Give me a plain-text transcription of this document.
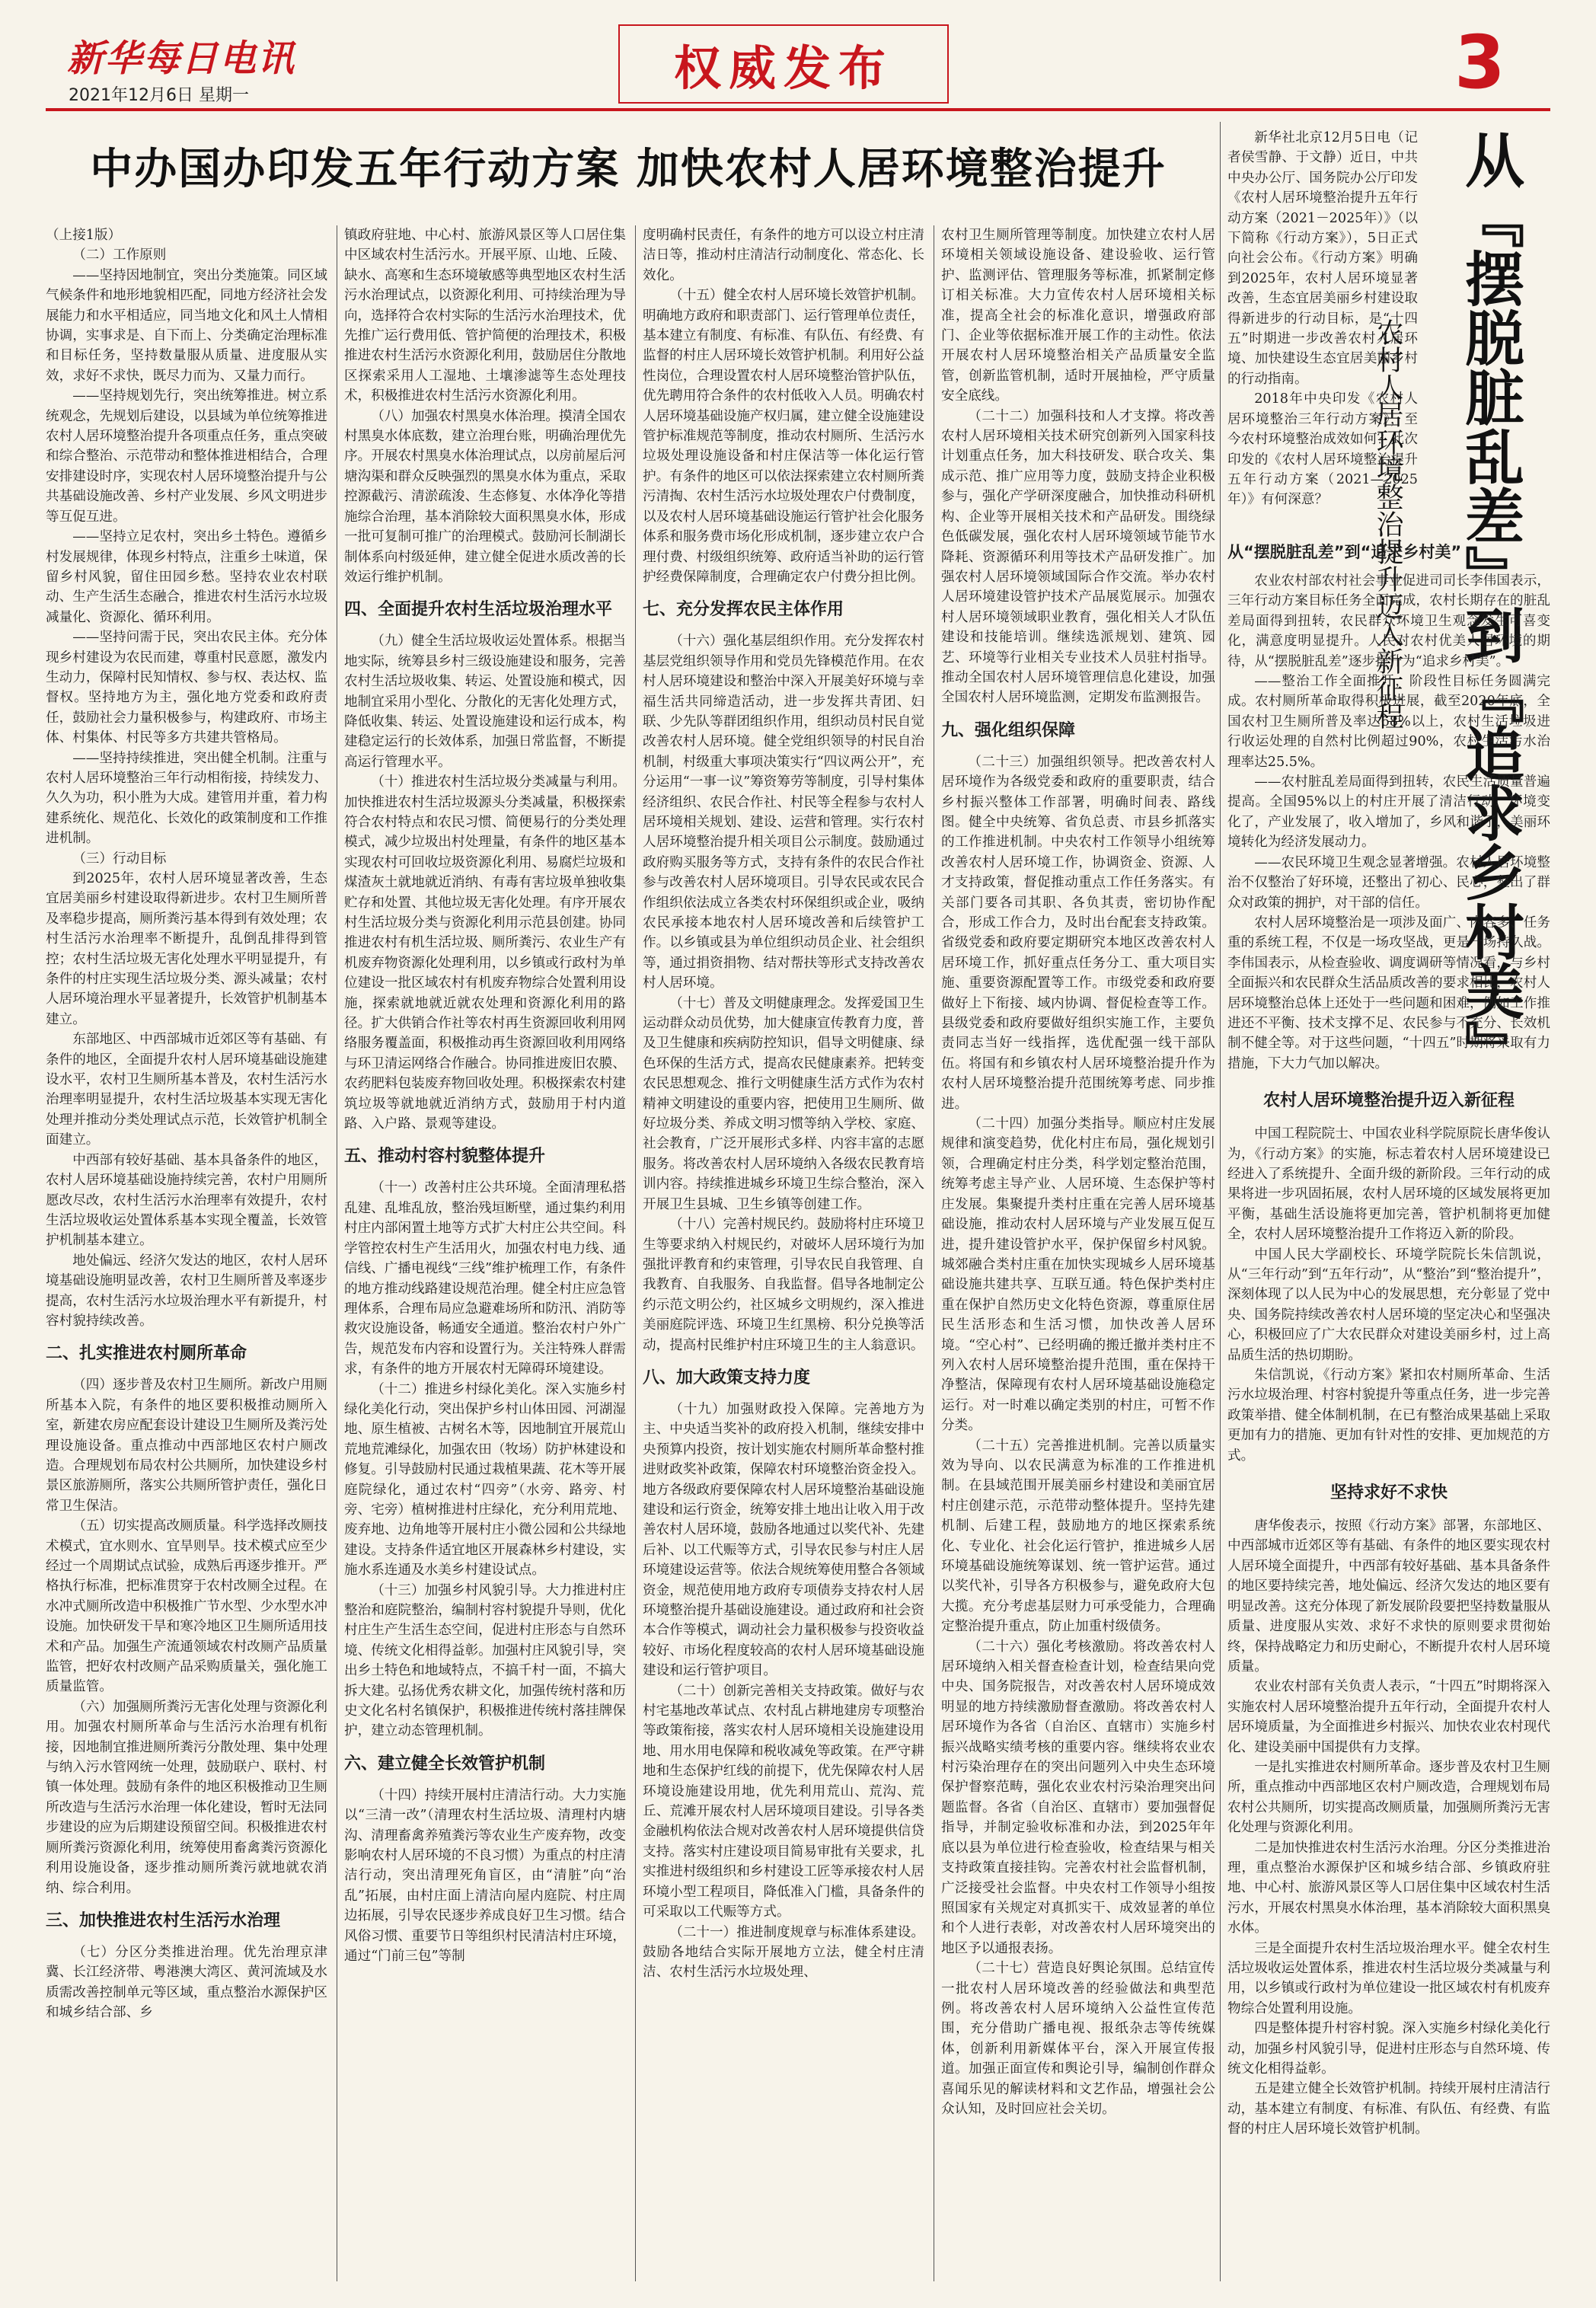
新华每日电讯
2021年12月6日 星期一	权威发布	3
中办国办印发五年行动方案 加快农村人居环境整治提升

（上接1版）

（二）工作原则

——坚持因地制宜，突出分类施策。同区域气候条件和地形地貌相匹配，同地方经济社会发展能力和水平相适应，同当地文化和风土人情相协调，实事求是、自下而上、分类确定治理标准和目标任务，坚持数量服从质量、进度服从实效，求好不求快，既尽力而为、又量力而行。

——坚持规划先行，突出统筹推进。树立系统观念，先规划后建设，以县域为单位统筹推进农村人居环境整治提升各项重点任务，重点突破和综合整治、示范带动和整体推进相结合，合理安排建设时序，实现农村人居环境整治提升与公共基础设施改善、乡村产业发展、乡风文明进步等互促互进。

——坚持立足农村，突出乡土特色。遵循乡村发展规律，体现乡村特点，注重乡土味道，保留乡村风貌，留住田园乡愁。坚持农业农村联动、生产生活生态融合，推进农村生活污水垃圾减量化、资源化、循环利用。

——坚持问需于民，突出农民主体。充分体现乡村建设为农民而建，尊重村民意愿，激发内生动力，保障村民知情权、参与权、表达权、监督权。坚持地方为主，强化地方党委和政府责任，鼓励社会力量积极参与，构建政府、市场主体、村集体、村民等多方共建共管格局。

——坚持持续推进，突出健全机制。注重与农村人居环境整治三年行动相衔接，持续发力、久久为功，积小胜为大成。建管用并重，着力构建系统化、规范化、长效化的政策制度和工作推进机制。

（三）行动目标

到2025年，农村人居环境显著改善，生态宜居美丽乡村建设取得新进步。农村卫生厕所普及率稳步提高，厕所粪污基本得到有效处理；农村生活污水治理率不断提升，乱倒乱排得到管控；农村生活垃圾无害化处理水平明显提升，有条件的村庄实现生活垃圾分类、源头减量；农村人居环境治理水平显著提升，长效管护机制基本建立。

东部地区、中西部城市近郊区等有基础、有条件的地区，全面提升农村人居环境基础设施建设水平，农村卫生厕所基本普及，农村生活污水治理率明显提升，农村生活垃圾基本实现无害化处理并推动分类处理试点示范，长效管护机制全面建立。

中西部有较好基础、基本具备条件的地区，农村人居环境基础设施持续完善，农村户用厕所愿改尽改，农村生活污水治理率有效提升，农村生活垃圾收运处置体系基本实现全覆盖，长效管护机制基本建立。

地处偏远、经济欠发达的地区，农村人居环境基础设施明显改善，农村卫生厕所普及率逐步提高，农村生活污水垃圾治理水平有新提升，村容村貌持续改善。

二、扎实推进农村厕所革命

（四）逐步普及农村卫生厕所。新改户用厕所基本入院，有条件的地区要积极推动厕所入室，新建农房应配套设计建设卫生厕所及粪污处理设施设备。重点推动中西部地区农村户厕改造。合理规划布局农村公共厕所，加快建设乡村景区旅游厕所，落实公共厕所管护责任，强化日常卫生保洁。

（五）切实提高改厕质量。科学选择改厕技术模式，宜水则水、宜旱则旱。技术模式应至少经过一个周期试点试验，成熟后再逐步推开。严格执行标准，把标准贯穿于农村改厕全过程。在水冲式厕所改造中积极推广节水型、少水型水冲设施。加快研发干旱和寒冷地区卫生厕所适用技术和产品。加强生产流通领域农村改厕产品质量监管，把好农村改厕产品采购质量关，强化施工质量监管。

（六）加强厕所粪污无害化处理与资源化利用。加强农村厕所革命与生活污水治理有机衔接，因地制宜推进厕所粪污分散处理、集中处理与纳入污水管网统一处理，鼓励联户、联村、村镇一体处理。鼓励有条件的地区积极推动卫生厕所改造与生活污水治理一体化建设，暂时无法同步建设的应为后期建设预留空间。积极推进农村厕所粪污资源化利用，统筹使用畜禽粪污资源化利用设施设备，逐步推动厕所粪污就地就农消纳、综合利用。

三、加快推进农村生活污水治理

（七）分区分类推进治理。优先治理京津冀、长江经济带、粤港澳大湾区、黄河流域及水质需改善控制单元等区域，重点整治水源保护区和城乡结合部、乡

镇政府驻地、中心村、旅游风景区等人口居住集中区域农村生活污水。开展平原、山地、丘陵、缺水、高寒和生态环境敏感等典型地区农村生活污水治理试点，以资源化利用、可持续治理为导向，选择符合农村实际的生活污水治理技术，优先推广运行费用低、管护简便的治理技术，积极推进农村生活污水资源化利用，鼓励居住分散地区探索采用人工湿地、土壤渗滤等生态处理技术，积极推进农村生活污水资源化利用。

（八）加强农村黑臭水体治理。摸清全国农村黑臭水体底数，建立治理台账，明确治理优先序。开展农村黑臭水体治理试点，以房前屋后河塘沟渠和群众反映强烈的黑臭水体为重点，采取控源截污、清淤疏浚、生态修复、水体净化等措施综合治理，基本消除较大面积黑臭水体，形成一批可复制可推广的治理模式。鼓励河长制湖长制体系向村级延伸，建立健全促进水质改善的长效运行维护机制。

四、全面提升农村生活垃圾治理水平

（九）健全生活垃圾收运处置体系。根据当地实际，统筹县乡村三级设施建设和服务，完善农村生活垃圾收集、转运、处置设施和模式，因地制宜采用小型化、分散化的无害化处理方式，降低收集、转运、处置设施建设和运行成本，构建稳定运行的长效体系，加强日常监督，不断提高运行管理水平。

（十）推进农村生活垃圾分类减量与利用。加快推进农村生活垃圾源头分类减量，积极探索符合农村特点和农民习惯、简便易行的分类处理模式，减少垃圾出村处理量，有条件的地区基本实现农村可回收垃圾资源化利用、易腐烂垃圾和煤渣灰土就地就近消纳、有毒有害垃圾单独收集贮存和处置、其他垃圾无害化处理。有序开展农村生活垃圾分类与资源化利用示范县创建。协同推进农村有机生活垃圾、厕所粪污、农业生产有机废弃物资源化处理利用，以乡镇或行政村为单位建设一批区域农村有机废弃物综合处置利用设施，探索就地就近就农处理和资源化利用的路径。扩大供销合作社等农村再生资源回收利用网络服务覆盖面，积极推动再生资源回收利用网络与环卫清运网络合作融合。协同推进废旧农膜、农药肥料包装废弃物回收处理。积极探索农村建筑垃圾等就地就近消纳方式，鼓励用于村内道路、入户路、景观等建设。

五、推动村容村貌整体提升

（十一）改善村庄公共环境。全面清理私搭乱建、乱堆乱放，整治残垣断壁，通过集约利用村庄内部闲置土地等方式扩大村庄公共空间。科学管控农村生产生活用火，加强农村电力线、通信线、广播电视线“三线”维护梳理工作，有条件的地方推动线路建设规范治理。健全村庄应急管理体系，合理布局应急避难场所和防汛、消防等救灾设施设备，畅通安全通道。整治农村户外广告，规范发布内容和设置行为。关注特殊人群需求，有条件的地方开展农村无障碍环境建设。

（十二）推进乡村绿化美化。深入实施乡村绿化美化行动，突出保护乡村山体田园、河湖湿地、原生植被、古树名木等，因地制宜开展荒山荒地荒滩绿化，加强农田（牧场）防护林建设和修复。引导鼓励村民通过栽植果蔬、花木等开展庭院绿化，通过农村“四旁”（水旁、路旁、村旁、宅旁）植树推进村庄绿化，充分利用荒地、废弃地、边角地等开展村庄小微公园和公共绿地建设。支持条件适宜地区开展森林乡村建设，实施水系连通及水美乡村建设试点。

（十三）加强乡村风貌引导。大力推进村庄整治和庭院整治，编制村容村貌提升导则，优化村庄生产生活生态空间，促进村庄形态与自然环境、传统文化相得益彰。加强村庄风貌引导，突出乡土特色和地域特点，不搞千村一面，不搞大拆大建。弘扬优秀农耕文化，加强传统村落和历史文化名村名镇保护，积极推进传统村落挂牌保护，建立动态管理机制。

六、建立健全长效管护机制

（十四）持续开展村庄清洁行动。大力实施以“三清一改”（清理农村生活垃圾、清理村内塘沟、清理畜禽养殖粪污等农业生产废弃物，改变影响农村人居环境的不良习惯）为重点的村庄清洁行动，突出清理死角盲区，由“清脏”向“治乱”拓展，由村庄面上清洁向屋内庭院、村庄周边拓展，引导农民逐步养成良好卫生习惯。结合风俗习惯、重要节日等组织村民清洁村庄环境，通过“门前三包”等制

度明确村民责任，有条件的地方可以设立村庄清洁日等，推动村庄清洁行动制度化、常态化、长效化。

（十五）健全农村人居环境长效管护机制。明确地方政府和职责部门、运行管理单位责任，基本建立有制度、有标准、有队伍、有经费、有监督的村庄人居环境长效管护机制。利用好公益性岗位，合理设置农村人居环境整治管护队伍，优先聘用符合条件的农村低收入人员。明确农村人居环境基础设施产权归属，建立健全设施建设管护标准规范等制度，推动农村厕所、生活污水垃圾处理设施设备和村庄保洁等一体化运行管护。有条件的地区可以依法探索建立农村厕所粪污清掏、农村生活污水垃圾处理农户付费制度，以及农村人居环境基础设施运行管护社会化服务体系和服务费市场化形成机制，逐步建立农户合理付费、村级组织统筹、政府适当补助的运行管护经费保障制度，合理确定农户付费分担比例。

七、充分发挥农民主体作用

（十六）强化基层组织作用。充分发挥农村基层党组织领导作用和党员先锋模范作用。在农村人居环境建设和整治中深入开展美好环境与幸福生活共同缔造活动，进一步发挥共青团、妇联、少先队等群团组织作用，组织动员村民自觉改善农村人居环境。健全党组织领导的村民自治机制，村级重大事项决策实行“四议两公开”，充分运用“一事一议”筹资筹劳等制度，引导村集体经济组织、农民合作社、村民等全程参与农村人居环境相关规划、建设、运营和管理。实行农村人居环境整治提升相关项目公示制度。鼓励通过政府购买服务等方式，支持有条件的农民合作社参与改善农村人居环境项目。引导农民或农民合作组织依法成立各类农村环保组织或企业，吸纳农民承接本地农村人居环境改善和后续管护工作。以乡镇或县为单位组织动员企业、社会组织等，通过捐资捐物、结对帮扶等形式支持改善农村人居环境。

（十七）普及文明健康理念。发挥爱国卫生运动群众动员优势，加大健康宣传教育力度，普及卫生健康和疾病防控知识，倡导文明健康、绿色环保的生活方式，提高农民健康素养。把转变农民思想观念、推行文明健康生活方式作为农村精神文明建设的重要内容，把使用卫生厕所、做好垃圾分类、养成文明习惯等纳入学校、家庭、社会教育，广泛开展形式多样、内容丰富的志愿服务。将改善农村人居环境纳入各级农民教育培训内容。持续推进城乡环境卫生综合整治，深入开展卫生县城、卫生乡镇等创建工作。

（十八）完善村规民约。鼓励将村庄环境卫生等要求纳入村规民约，对破坏人居环境行为加强批评教育和约束管理，引导农民自我管理、自我教育、自我服务、自我监督。倡导各地制定公约示范文明公约，社区城乡文明规约，深入推进美丽庭院评选、环境卫生红黑榜、积分兑换等活动，提高村民维护村庄环境卫生的主人翁意识。

八、加大政策支持力度

（十九）加强财政投入保障。完善地方为主、中央适当奖补的政府投入机制，继续安排中央预算内投资，按计划实施农村厕所革命整村推进财政奖补政策，保障农村环境整治资金投入。地方各级政府要保障农村人居环境整治基础设施建设和运行资金，统筹安排土地出让收入用于改善农村人居环境，鼓励各地通过以奖代补、先建后补、以工代赈等方式，引导农民参与村庄人居环境建设运营等。依法合规统筹使用整合各领域资金，规范使用地方政府专项债券支持农村人居环境整治提升基础设施建设。通过政府和社会资本合作等模式，调动社会力量积极参与投资收益较好、市场化程度较高的农村人居环境基础设施建设和运行管护项目。

（二十）创新完善相关支持政策。做好与农村宅基地改革试点、农村乱占耕地建房专项整治等政策衔接，落实农村人居环境相关设施建设用地、用水用电保障和税收减免等政策。在严守耕地和生态保护红线的前提下，优先保障农村人居环境设施建设用地，优先利用荒山、荒沟、荒丘、荒滩开展农村人居环境项目建设。引导各类金融机构依法合规对改善农村人居环境提供信贷支持。落实村庄建设项目简易审批有关要求，扎实推进村级组织和乡村建设工匠等承接农村人居环境小型工程项目，降低准入门槛，具备条件的可采取以工代赈等方式。

（二十一）推进制度规章与标准体系建设。鼓励各地结合实际开展地方立法，健全村庄清洁、农村生活污水垃圾处理、

农村卫生厕所管理等制度。加快建立农村人居环境相关领域设施设备、建设验收、运行管护、监测评估、管理服务等标准，抓紧制定修订相关标准。大力宣传农村人居环境相关标准，提高全社会的标准化意识，增强政府部门、企业等依据标准开展工作的主动性。依法开展农村人居环境整治相关产品质量安全监管，创新监管机制，适时开展抽检，严守质量安全底线。

（二十二）加强科技和人才支撑。将改善农村人居环境相关技术研究创新列入国家科技计划重点任务，加大科技研发、联合攻关、集成示范、推广应用等力度，鼓励支持企业积极参与，强化产学研深度融合，加快推动科研机构、企业等开展相关技术和产品研发。围绕绿色低碳发展，强化农村人居环境领域节能节水降耗、资源循环利用等技术产品研发推广。加强农村人居环境领域国际合作交流。举办农村人居环境建设管护技术产品展览展示。加强农村人居环境领域职业教育，强化相关人才队伍建设和技能培训。继续选派规划、建筑、园艺、环境等行业相关专业技术人员驻村指导。推动全国农村人居环境管理信息化建设，加强全国农村人居环境监测，定期发布监测报告。

九、强化组织保障

（二十三）加强组织领导。把改善农村人居环境作为各级党委和政府的重要职责，结合乡村振兴整体工作部署，明确时间表、路线图。健全中央统筹、省负总责、市县乡抓落实的工作推进机制。中央农村工作领导小组统筹改善农村人居环境工作，协调资金、资源、人才支持政策，督促推动重点工作任务落实。有关部门要各司其职、各负其责，密切协作配合，形成工作合力，及时出台配套支持政策。省级党委和政府要定期研究本地区改善农村人居环境工作，抓好重点任务分工、重大项目实施、重要资源配置等工作。市级党委和政府要做好上下衔接、域内协调、督促检查等工作。县级党委和政府要做好组织实施工作，主要负责同志当好一线指挥，选优配强一线干部队伍。将国有和乡镇农村人居环境整治提升作为农村人居环境整治提升范围统筹考虑、同步推进。

（二十四）加强分类指导。顺应村庄发展规律和演变趋势，优化村庄布局，强化规划引领，合理确定村庄分类，科学划定整治范围，统筹考虑主导产业、人居环境、生态保护等村庄发展。集聚提升类村庄重在完善人居环境基础设施，推动农村人居环境与产业发展互促互进，提升建设管护水平，保护保留乡村风貌。城郊融合类村庄重在加快实现城乡人居环境基础设施共建共享、互联互通。特色保护类村庄重在保护自然历史文化特色资源，尊重原住居民生活形态和生活习惯，加快改善人居环境。“空心村”、已经明确的搬迁撤并类村庄不列入农村人居环境整治提升范围，重在保持干净整洁，保障现有农村人居环境基础设施稳定运行。对一时难以确定类别的村庄，可暂不作分类。

（二十五）完善推进机制。完善以质量实效为导向、以农民满意为标准的工作推进机制。在县域范围开展美丽乡村建设和美丽宜居村庄创建示范，示范带动整体提升。坚持先建机制、后建工程，鼓励地方的地区探索系统化、专业化、社会化运行管护，推进城乡人居环境基础设施统筹谋划、统一管护运营。通过以奖代补，引导各方积极参与，避免政府大包大揽。充分考虑基层财力可承受能力，合理确定整治提升重点，防止加重村级债务。

（二十六）强化考核激励。将改善农村人居环境纳入相关督查检查计划，检查结果向党中央、国务院报告，对改善农村人居环境成效明显的地方持续激励督查激励。将改善农村人居环境作为各省（自治区、直辖市）实施乡村振兴战略实绩考核的重要内容。继续将农业农村污染治理存在的突出问题列入中央生态环境保护督察范畴，强化农业农村污染治理突出问题监督。各省（自治区、直辖市）要加强督促指导，并制定验收标准和办法，到2025年年底以县为单位进行检查验收，检查结果与相关支持政策直接挂钩。完善农村社会监督机制，广泛接受社会监督。中央农村工作领导小组按照国家有关规定对真抓实干、成效显著的单位和个人进行表彰，对改善农村人居环境突出的地区予以通报表扬。

（二十七）营造良好舆论氛围。总结宣传一批农村人居环境改善的经验做法和典型范例。将改善农村人居环境纳入公益性宣传范围，充分借助广播电视、报纸杂志等传统媒体，创新利用新媒体平台，深入开展宣传报道。加强正面宣传和舆论引导，编制创作群众喜闻乐见的解读材料和文艺作品，增强社会公众认知，及时回应社会关切。

新华社北京12月5日电（记者侯雪静、于文静）近日，中共中央办公厅、国务院办公厅印发《农村人居环境整治提升五年行动方案（2021－2025年）》（以下简称《行动方案》），5日正式向社会公布。《行动方案》明确到2025年，农村人居环境显著改善，生态宜居美丽乡村建设取得新进步的行动目标，是“十四五”时期进一步改善农村人居环境、加快建设生态宜居美丽乡村的行动指南。

2018年中央印发《农村人居环境整治三年行动方案》，至今农村环境整治成效如何？此次印发的《农村人居环境整治提升五年行动方案（2021—2025年）》有何深意？	农村人居环境整治提升迈入新征程 从『摆脱脏乱差』到『追求乡村美』
从“摆脱脏乱差”到“追求乡村美”

农业农村部农村社会事业促进司司长李伟国表示，三年行动方案目标任务全面完成，农村长期存在的脏乱差局面得到扭转，农民群众环境卫生观念发生可喜变化，满意度明显提升。人民对农村优美人居环境的期待，从“摆脱脏乱差”逐步提升为“追求乡村美”。

——整治工作全面推开，阶段性目标任务圆满完成。农村厕所革命取得积极进展，截至2020年底，全国农村卫生厕所普及率达68%以上，农村生活垃圾进行收运处理的自然村比例超过90%，农村生活污水治理率达25.5%。

——农村脏乱差局面得到扭转，农民生活质量普遍提高。全国95%以上的村庄开展了清洁行动，环境变化了，产业发展了，收入增加了，乡风和谐了，美丽环境转化为经济发展动力。

——农民环境卫生观念显著增强。农村人居环境整治不仅整治了好环境，还整出了初心、民心，整出了群众对政策的拥护，对干部的信任。

农村人居环境整治是一项涉及面广、内容多、任务重的系统工程，不仅是一场攻坚战，更是一场持久战。李伟国表示，从检查验收、调度调研等情况看，与乡村全面振兴和农民群众生活品质改善的要求相比，农村人居环境整治总体上还处于一些问题和困难，例如工作推进还不平衡、技术支撑不足、农民参与不充分、长效机制不健全等。对于这些问题，“十四五”时期将采取有力措施，下大力气加以解决。

农村人居环境整治提升迈入新征程

中国工程院院士、中国农业科学院原院长唐华俊认为，《行动方案》的实施，标志着农村人居环境建设已经进入了系统提升、全面升级的新阶段。三年行动的成果将进一步巩固拓展，农村人居环境的区域发展将更加平衡，基础生活设施将更加完善，管护机制将更加健全，农村人居环境整治提升工作将迈入新的阶段。

中国人民大学副校长、环境学院院长朱信凯说，从“三年行动”到“五年行动”，从“整治”到“整治提升”，深刻体现了以人民为中心的发展思想，充分彰显了党中央、国务院持续改善农村人居环境的坚定决心和坚强决心，积极回应了广大农民群众对建设美丽乡村，过上高品质生活的热切期盼。

朱信凯说，《行动方案》紧扣农村厕所革命、生活污水垃圾治理、村容村貌提升等重点任务，进一步完善政策举措、健全体制机制，在已有整治成果基础上采取更加有力的措施、更加有针对性的安排、更加规范的方式。

坚持求好不求快

唐华俊表示，按照《行动方案》部署，东部地区、中西部城市近郊区等有基础、有条件的地区要实现农村人居环境全面提升，中西部有较好基础、基本具备条件的地区要持续完善，地处偏远、经济欠发达的地区要有明显改善。这充分体现了新发展阶段要把坚持数量服从质量、进度服从实效、求好不求快的原则要求贯彻始终，保持战略定力和历史耐心，不断提升农村人居环境质量。

农业农村部有关负责人表示，“十四五”时期将深入实施农村人居环境整治提升五年行动，全面提升农村人居环境质量，为全面推进乡村振兴、加快农业农村现代化、建设美丽中国提供有力支撑。

一是扎实推进农村厕所革命。逐步普及农村卫生厕所，重点推动中西部地区农村户厕改造，合理规划布局农村公共厕所，切实提高改厕质量，加强厕所粪污无害化处理与资源化利用。

二是加快推进农村生活污水治理。分区分类推进治理，重点整治水源保护区和城乡结合部、乡镇政府驻地、中心村、旅游风景区等人口居住集中区域农村生活污水，开展农村黑臭水体治理，基本消除较大面积黑臭水体。

三是全面提升农村生活垃圾治理水平。健全农村生活垃圾收运处置体系，推进农村生活垃圾分类减量与利用，以乡镇或行政村为单位建设一批区域农村有机废弃物综合处置利用设施。

四是整体提升村容村貌。深入实施乡村绿化美化行动，加强乡村风貌引导，促进村庄形态与自然环境、传统文化相得益彰。

五是建立健全长效管护机制。持续开展村庄清洁行动，基本建立有制度、有标准、有队伍、有经费、有监督的村庄人居环境长效管护机制。
